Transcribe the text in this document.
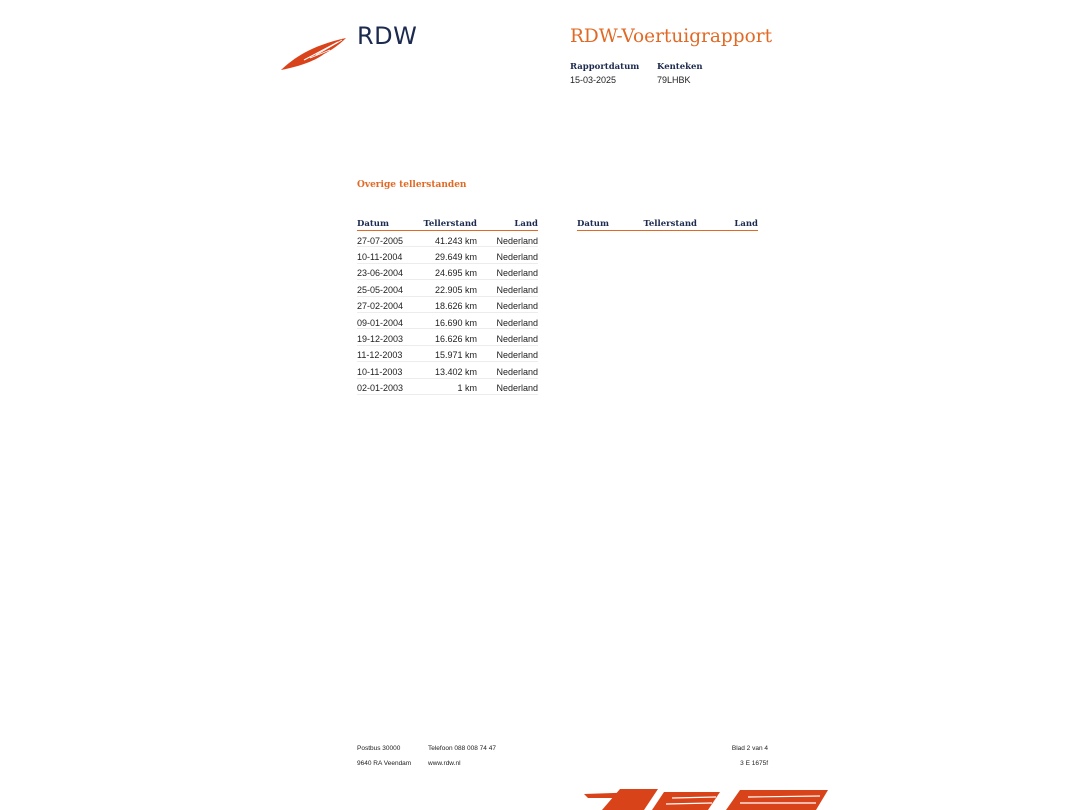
RDW	RDW-Voertuigrapport
Rapportdatum
15-03-2025
Kenteken
79LHBK
Overige tellerstanden
Datum	Tellerstand	Land
27-07-2005	41.243 km	Nederland
10-11-2004	29.649 km	Nederland
23-06-2004	24.695 km	Nederland
25-05-2004	22.905 km	Nederland
27-02-2004	18.626 km	Nederland
09-01-2004	16.690 km	Nederland
19-12-2003	16.626 km	Nederland
11-12-2003	15.971 km	Nederland
10-11-2003	13.402 km	Nederland
02-01-2003	1 km	Nederland
Datum	Tellerstand	Land
Postbus 30000
9640 RA Veendam
Telefoon 088 008 74 47
www.rdw.nl
Blad 2 van 4
3 E 1675f
